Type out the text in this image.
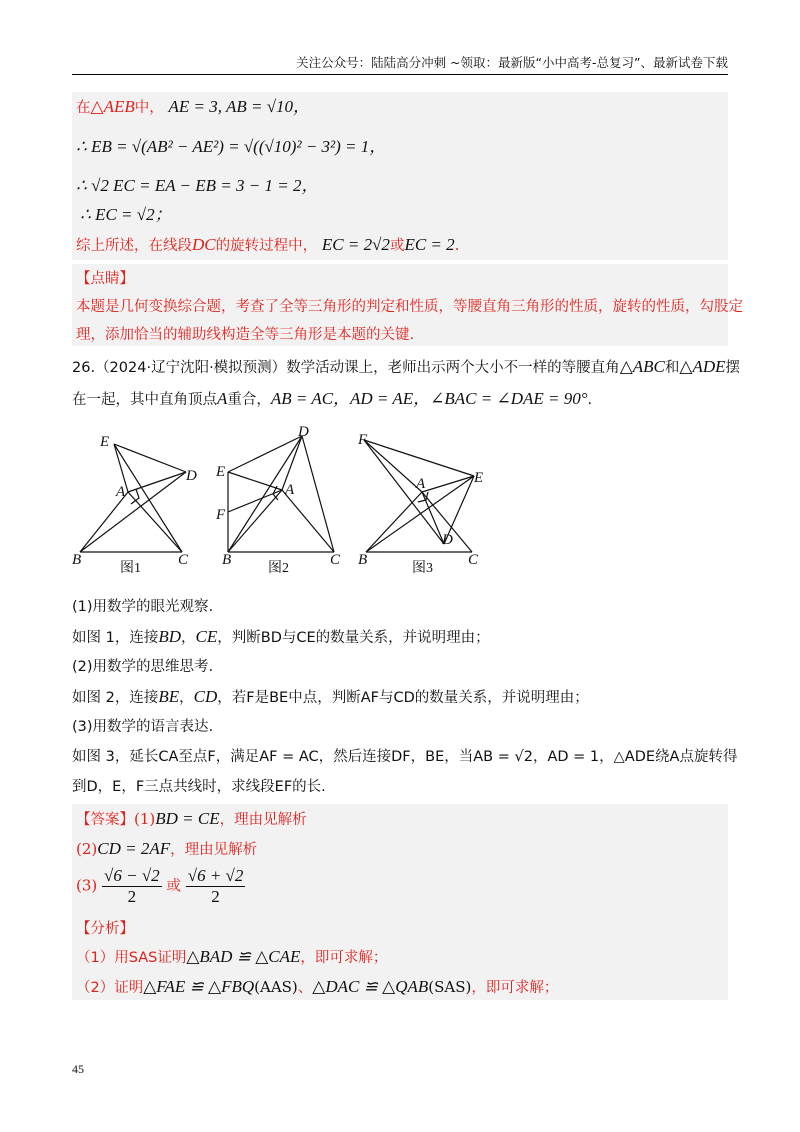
关注公众号：陆陆高分冲刺 ~领取：最新版“小中高考-总复习”、最新试卷下载
在△AEB中， AE = 3, AB = √10，
∴ EB = √(AB² − AE²) = √((√10)² − 3²) = 1，
∴ √2 EC = EA − EB = 3 − 1 = 2，
∴ EC = √2；
综上所述，在线段DC的旋转过程中， EC = 2√2或EC = 2.
【点睛】
本题是几何变换综合题，考查了全等三角形的判定和性质，等腰直角三角形的性质，旋转的性质，勾股定
理，添加恰当的辅助线构造全等三角形是本题的关键.
26.（2024·辽宁沈阳·模拟预测）数学活动课上，老师出示两个大小不一样的等腰直角△ABC和△ADE摆
在一起，其中直角顶点A重合，AB = AC，AD = AE，∠BAC = ∠DAE = 90°.
E
D
A
B	C
图1
D
E
A
F
B	C
图2
F
A	E
D
B	C
图3
(1)用数学的眼光观察.
如图 1，连接BD，CE，判断BD与CE的数量关系，并说明理由；
(2)用数学的思维思考.
如图 2，连接BE，CD，若F是BE中点，判断AF与CD的数量关系，并说明理由；
(3)用数学的语言表达.
如图 3，延长CA至点F，满足AF = AC，然后连接DF，BE，当AB = √2，AD = 1，△ADE绕A点旋转得
到D，E，F三点共线时，求线段EF的长.
【答案】(1)BD = CE，理由见解析
(2)CD = 2AF，理由见解析
$(3) \frac{√6 - √2}{2}$ 或 $\frac{√6 + √2}{2}$
【分析】
（1）用SAS证明△BAD ≌ △CAE，即可求解；
（2）证明△FAE ≌ △FBQ(AAS)、△DAC ≌ △QAB(SAS)，即可求解；
45
